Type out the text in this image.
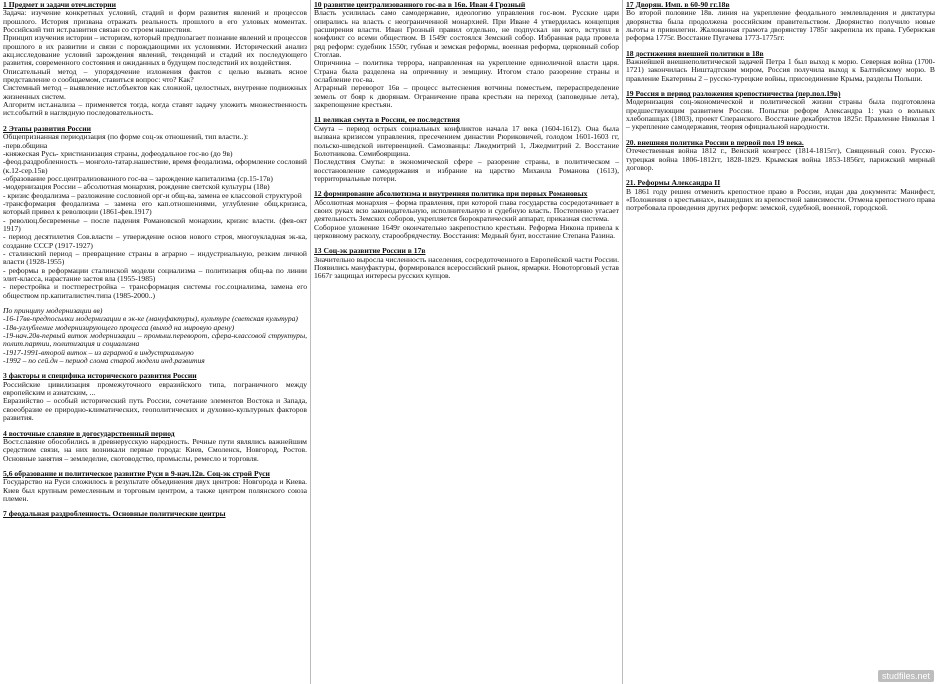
1 Предмет и задачи отеч.истории
Задача: изучение конкретных условий, стадий и форм развития явлений и процессов прошлого. История призвана отражать реальность прошлого в его узловых моментах. Российский тип ист.развития связан со строем нашествия.
Принцип изучения истории – историзм, который предполагает познание явлений и процессов прошлого в их развитии и связи с порождающими их условиями. Исторический анализ акц.исследование условий зарождения явлений, тенденций и стадий их последующего развития, современного состояния и ожиданных в будущем последствий их воздействия.
Описательный метод – упорядочение изложения фактов с целью вызвать ясное представление о сообщаемом, ставиться вопрос: что? Как?
Системный метод – выявление ист.объектов как сложной, целостных, внутренне подвижных жизненных систем.
Алгоритм ист.анализа – применяется тогда, когда ставят задачу уложить множественность ист.событий в наглядную последовательность.
2 Этапы развития России
Общепризнанная периодизация (по форме соц-эк отношений, тип власти..):
-перв.община
-княжеская Русь- христианизация страны, дофеодальное гос-во (до 9в)
-феод.раздробленность – монголо-татар.нашествие, время феодализма, оформление сословий (к.12-сер.15в)
-образование росс.централизованного гос-ва – зарождение капитализма (ср.15-17в)
-модернизация России – абсолютная монархия, рождение светской культуры (18в)
- кризис феодализма – разложение сословной орг-и общ-ва, замена ее классовой структурой
-трансформация феодализма – замена его кап.отношениями, углубление общ.кризиса, который привел к революции (1861-фев.1917)
- революц.бесвременье – после падения Романовской монархии, кризис власти. (фев-окт 1917)
- период десятилетия Сов.власти – утверждение основ нового строя, многоукладная эк-ка, создание СССР (1917-1927)
- сталинский период – превращение страны в аграрно – индустриальную, резким личной власти (1928-1955)
- реформы в реформации сталинской модели социализма – политизация общ-ва по линии элит-класса, нарастание застоя вла (1955-1985)
- перестройка и постперестройка – трансформация системы гос.социализма, замена его обществом пр.капиталистич.типа (1985-2000..)
По принципу модернизации вв)
-16-17вв-предпосылки модернизации в эк-ке (мануфактуры), культуре (светская культура)
-18в-углубление модернизирующего процесса (выход на мировую арену)
-19-нач.20в-первый виток модернизации – промыш.переворот, сфера-классовой структуры, полит.партии, политизация и социализма
-1917-1991-второй виток – из аграрной в индустриальную
-1992 – по сей.дн – период слома старой модели инд.развития
3 факторы и специфика исторического развития России
Российские цивилизация промежуточного евразийского типа, пограничного между европейским и азиатским, ...
Евразийство – особый исторический путь России, сочетание элементов Востока и Запада, своеобразие ее природно-климатических, геополитических и духовно-культурных факторов развития.
4 восточные славяне в догосударственный период
Вост.славяне обособились в древнерусскую народность. Речные пути являлись важнейшим средством связи, на них возникали первые города: Киев, Смоленск, Новгород, Ростов. Основные занятия – земледелие, скотоводство, промыслы, ремесло и торговля.
5,6 образование и политическое развитие Руси в 9-нач.12в. Соц-эк строй Руси
Государство на Руси сложилось в результате объединения двух центров: Новгорода и Киева. Киев был крупным ремесленным и торговым центром, а также центром полянского союза племен.
7 феодальная раздробленность. Основные политические центры
10 развитие централизованного гос-ва в 16в. Иван 4 Грозный
Власть усилилась само самодержавие, идеологию управления гос-вом. Русские цари опирались на власть с неограниченной монархией. При Иване 4 утвердилась концепция расширения власти. Иван Грозный правил отдельно, не подпускал ни кого, вступил в конфликт со всеми обществом. В 1549г состоялся Земский собор. Избранная рада провела ряд реформ: судебник 1550г, губная и земская реформы, военная реформа, церковный собор Стоглав.
Опричнина – политика террора, направленная на укрепление единоличной власти царя. Страна была разделена на опричнину и земщину. Итогом стало разорение страны и ослабление гос-ва.
Аграрный переворот 16в – процесс вытеснения вотчины поместьем, перераспределение земель от бояр к дворянам. Ограничение права крестьян на переход (заповедные лета), закрепощение крестьян.
11 великая смута в России, ее последствия
Смута – период острых социальных конфликтов начала 17 века (1604-1612). Она была вызвана кризисом управления, пресечением династии Рюриковичей, голодом 1601-1603 гг, польско-шведской интервенцией. Самозванцы: Лжедмитрий 1, Лжедмитрий 2. Восстание Болотникова. Семибоярщина.
Последствия Смуты: в экономической сфере – разорение страны, в политическом – восстановление самодержавия и избрание на царство Михаила Романова (1613), территориальные потери.
12 формирование абсолютизма и внутренняя политика при первых Романовых
Абсолютная монархия – форма правления, при которой глава государства сосредотачивает в своих руках всю законодательную, исполнительную и судебную власть. Постепенно угасает деятельность Земских соборов, укрепляется бюрократический аппарат, приказная система.
Соборное уложение 1649г окончательно закрепостило крестьян. Реформа Никона привела к церковному расколу, старообрядчеству. Восстания: Медный бунт, восстание Степана Разина.
13 Соц-эк развитие России в 17в
Значительно выросла численность населения, сосредоточенного в Европейской части России. Появились мануфактуры, формировался всероссийский рынок, ярмарки. Новоторговый устав 1667г защищал интересы русских купцов.
17 Дворян. Имп. в 60-90 гг.18в
Во второй половине 18в. линия на укрепление феодального землевладения и диктатуры дворянства была продолжена российским правительством. Дворянство получило новые льготы и привилегии. Жалованная грамота дворянству 1785г закрепила их права. Губернская реформа 1775г. Восстание Пугачева 1773-1775гг.
18 достижения внешней политики в 18в
Важнейшей внешнеполитической задачей Петра 1 был выход к морю. Северная война (1700-1721) закончилась Ништадтским миром, Россия получила выход к Балтийскому морю. В правление Екатерины 2 – русско-турецкие войны, присоединение Крыма, разделы Польши.
19 Россия в период разложения крепостничества (пер.пол.19в)
Модернизация соц-экономической и политической жизни страны была подготовлена предшествующим развитием России. Попытки реформ Александра 1: указ о вольных хлебопашцах (1803), проект Сперанского. Восстание декабристов 1825г. Правление Николая 1 – укрепление самодержавия, теория официальной народности.
20. внешняя политика России в первой пол 19 века.
Отечественная война 1812 г., Венский конгресс (1814-1815гг), Священный союз. Русско-турецкая война 1806-1812гг, 1828-1829. Крымская война 1853-1856гг, парижский мирный договор.
21. Реформы Александра II
В 1861 году решен отменить крепостное право в России, издан два документа: Манифест, «Положения о крестьянах», вышедших из крепостной зависимости. Отмена крепостного права потребовала проведения других реформ: земской, судебной, военной, городской.
studfiles.net
